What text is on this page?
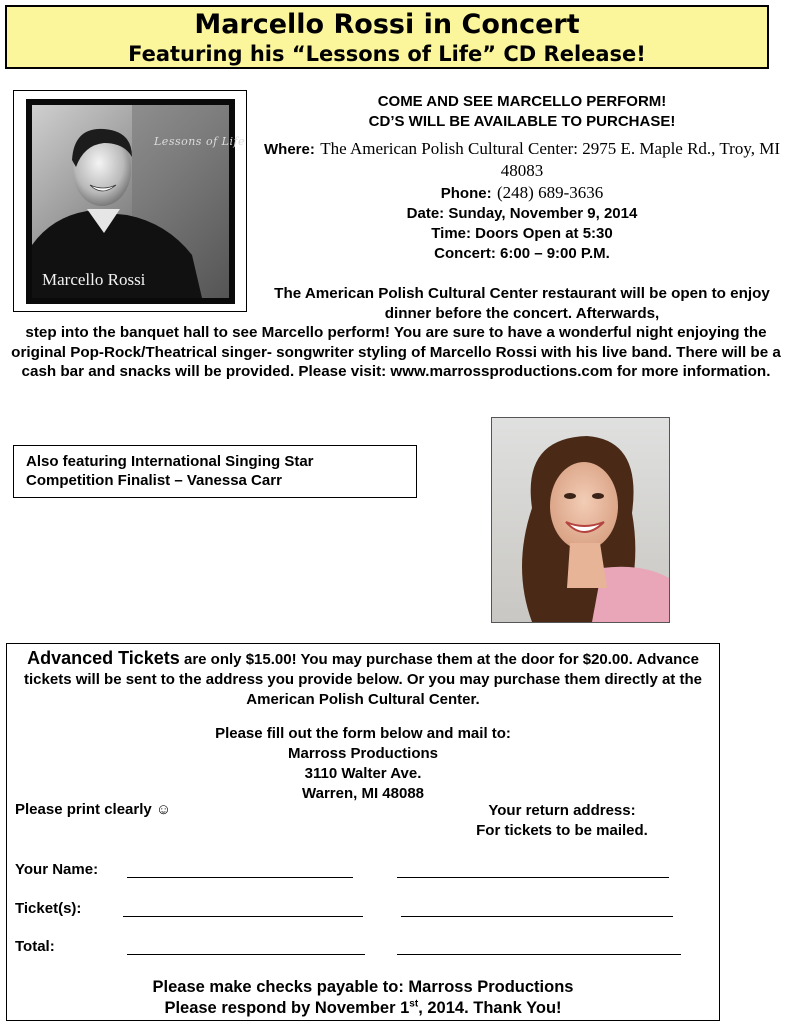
Marcello Rossi in Concert
Featuring his “Lessons of Life” CD Release!
Lessons of Life
Marcello Rossi
COME AND SEE MARCELLO PERFORM!
CD’S WILL BE AVAILABLE TO PURCHASE!
Where: The American Polish Cultural Center: 2975 E. Maple Rd., Troy, MI 48083
Phone: (248) 689-3636
Date: Sunday, November 9, 2014
Time: Doors Open at 5:30
Concert: 6:00 – 9:00 P.M.
The American Polish Cultural Center restaurant will be open to enjoy dinner before the concert. Afterwards,
step into the banquet hall to see Marcello perform! You are sure to have a wonderful night enjoying the original Pop-Rock/Theatrical singer- songwriter styling of Marcello Rossi with his live band. There will be a cash bar and snacks will be provided. Please visit: www.marrossproductions.com for more information.
Also featuring International Singing Star
Competition Finalist – Vanessa Carr
Advanced Tickets are only $15.00! You may purchase them at the door for $20.00. Advance tickets will be sent to the address you provide below. Or you may purchase them directly at the American Polish Cultural Center.
Please fill out the form below and mail to:
Marross Productions
3110 Walter Ave.
Warren, MI 48088
Please print clearly ☺	Your return address:
For tickets to be mailed.
Your Name:
Ticket(s):
Total:
Please make checks payable to: Marross Productions
Please respond by November 1st, 2014. Thank You!
